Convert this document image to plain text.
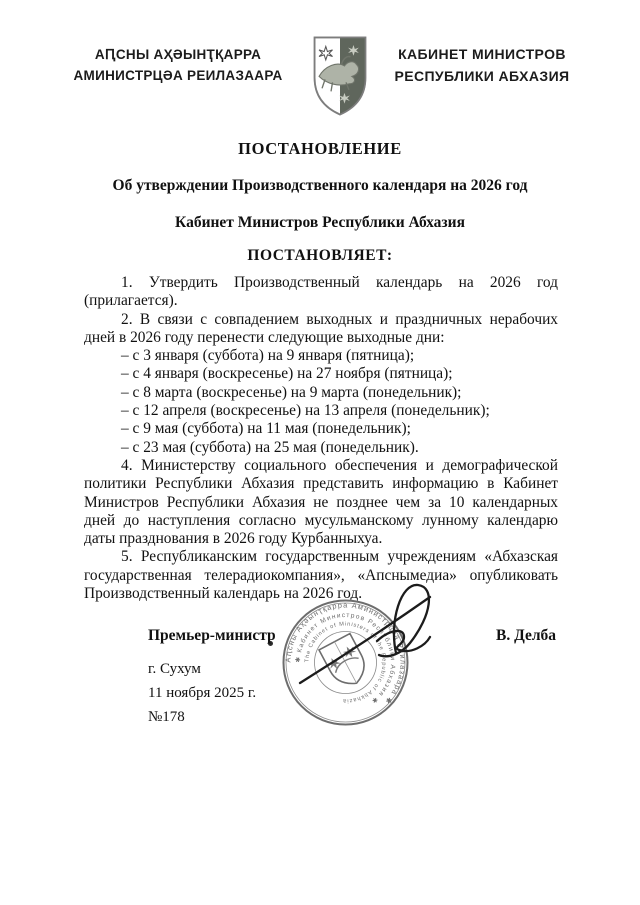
АԤСНЫ АҲӘЫНҬҚАРРА
АМИНИСТРЦӘА РЕИЛАЗААРА
КАБИНЕТ МИНИСТРОВ
РЕСПУБЛИКИ АБХАЗИЯ
ПОСТАНОВЛЕНИЕ
Об утверждении Производственного календаря на 2026 год
Кабинет Министров Республики Абхазия
ПОСТАНОВЛЯЕТ:

1. Утвердить Производственный календарь на 2026 год (прилагается).

2. В связи с совпадением выходных и праздничных нерабочих дней в 2026 году перенести следующие выходные дни:

– с 3 января (суббота) на 9 января (пятница);

– с 4 января (воскресенье) на 27 ноября (пятница);

– с 8 марта (воскресенье) на 9 марта (понедельник);

– с 12 апреля (воскресенье) на 13 апреля (понедельник);

– с 9 мая (суббота) на 11 мая (понедельник);

– с 23 мая (суббота) на 25 мая (понедельник).

4. Министерству социального обеспечения и демографической политики Республики Абхазия представить информацию в Кабинет Министров Республики Абхазия не позднее чем за 10 календарных дней до наступления согласно мусульманскому лунному календарю даты празднования в 2026 году Курбанныхуа.

5. Республиканским государственным учреждениям «Абхазская государственная телерадиокомпания», «Апснымедиа» опубликовать Производственный календарь на 2026 год.

Аԥсны Аҳәынҭқарра Аминистрцәа Реилазаара ✱
✱ Кабинет Министров Республики Абхазия ✱
The Cabinet of Ministers of the Republic of Abkhazia
Премьер-министр	В. Делба
г. Сухум
11 ноября 2025 г.
№178
